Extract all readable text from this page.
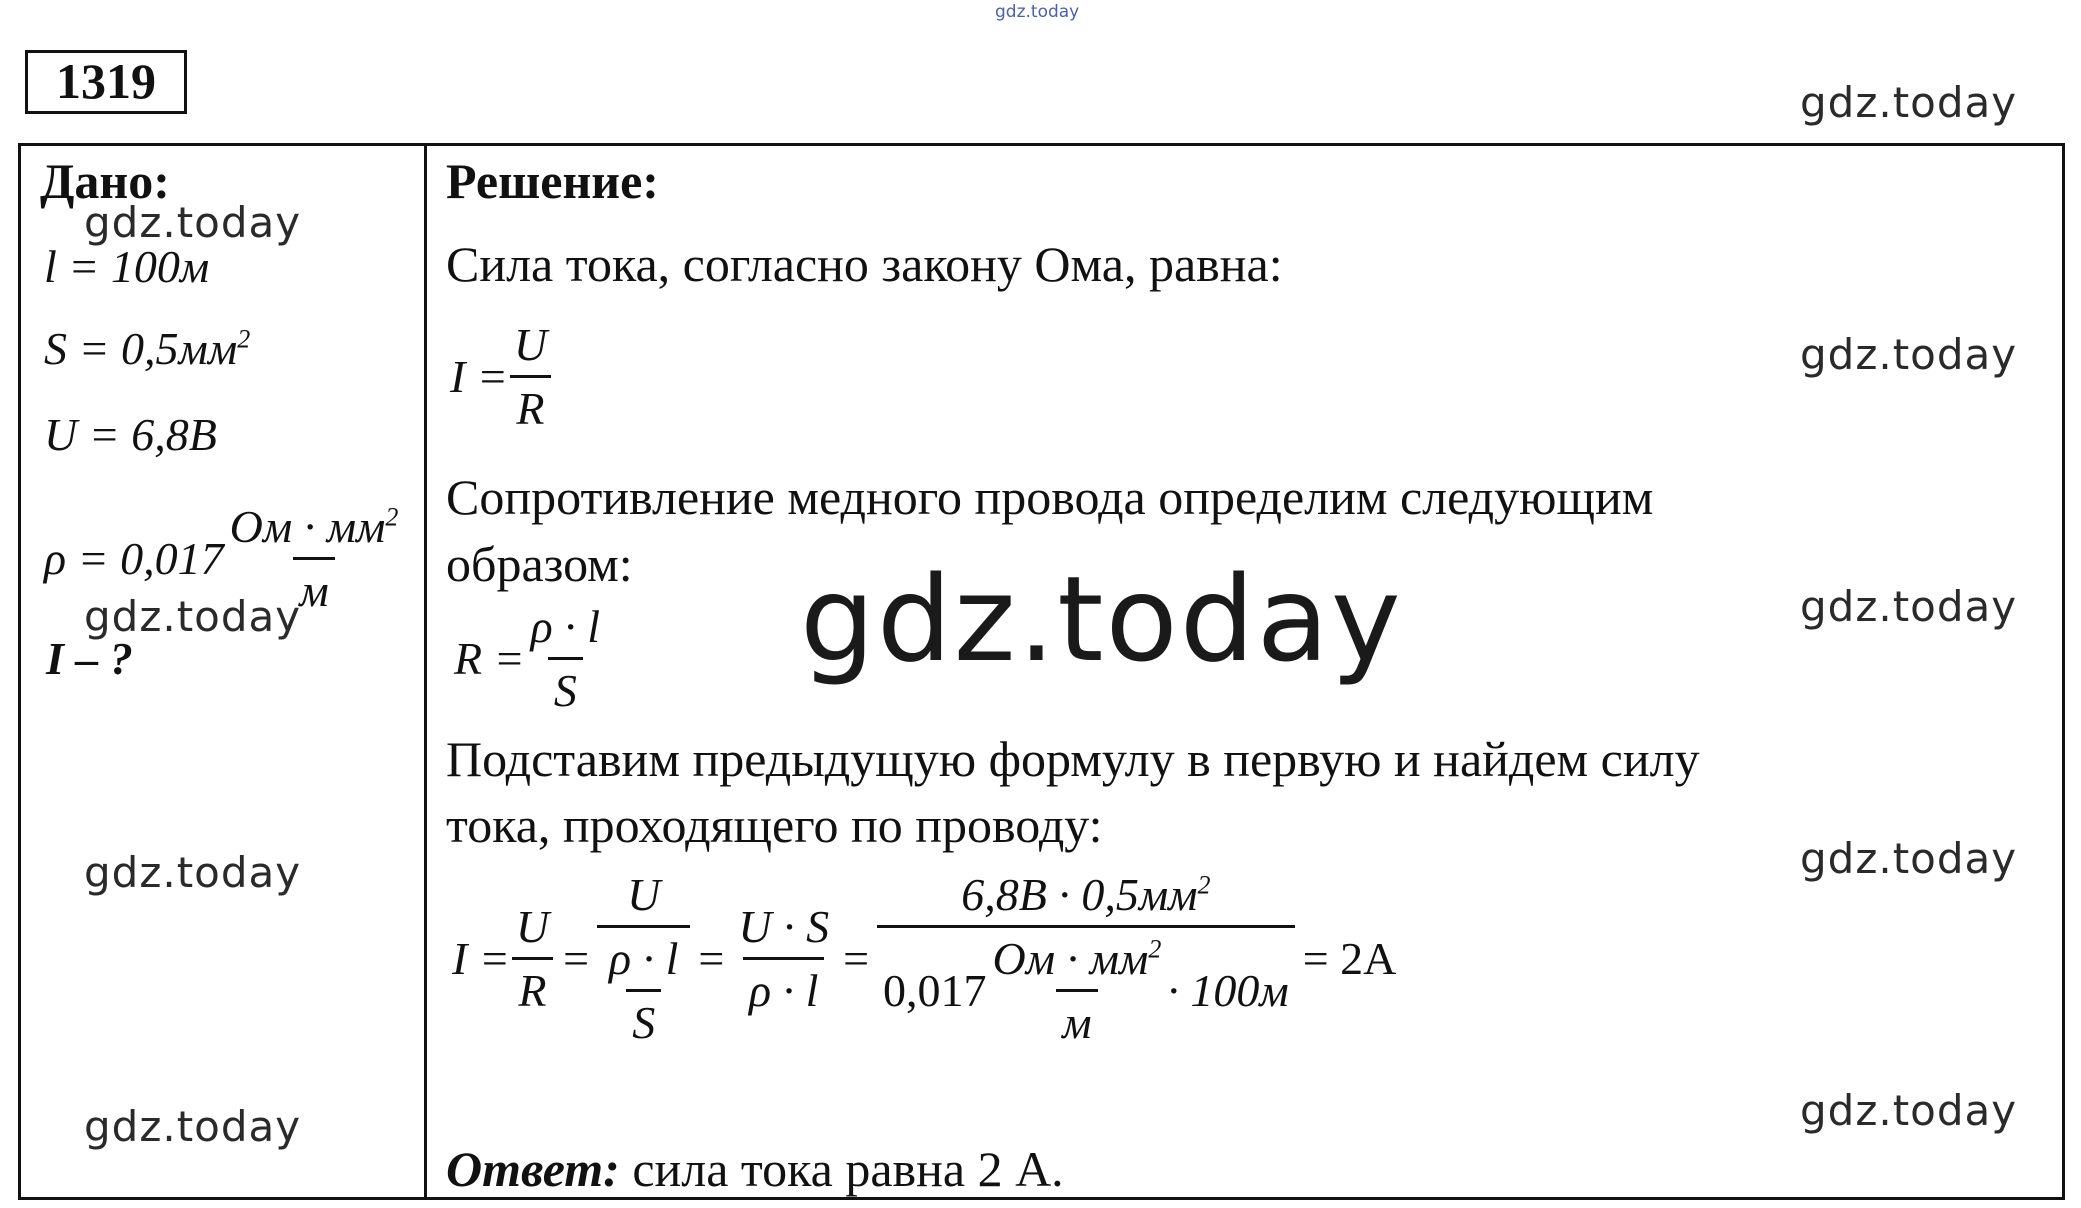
gdz.today
1319
Дано:
l = 100м
$S = 0,5мм^2$
U = 6,8В
$\rho = 0,017 \frac{Ом \cdot мм^2}{м}$
I – ?
Решение:
Сила тока, согласно закону Ома, равна:
$I = \frac{U}{R}$
Сопротивление медного провода определим следующим
образом:
$R = \frac{\rho \cdot l}{S}$
Подставим предыдущую формулу в первую и найдем силу
тока, проходящего по проводу:
$I = \frac{U}{R} = \frac{U}{\frac{\rho \cdot l}{S}} = \frac{U \cdot S}{\rho \cdot l} = \frac{6,8В \cdot 0,5мм^2}{0,017 \frac{Ом \cdot мм^2}{м} \cdot 100м} = 2А$
Ответ: сила тока равна 2 А.
gdz.today
gdz.today
gdz.today
gdz.today	gdz.today	gdz.today
gdz.today	gdz.today
gdz.today	gdz.today
